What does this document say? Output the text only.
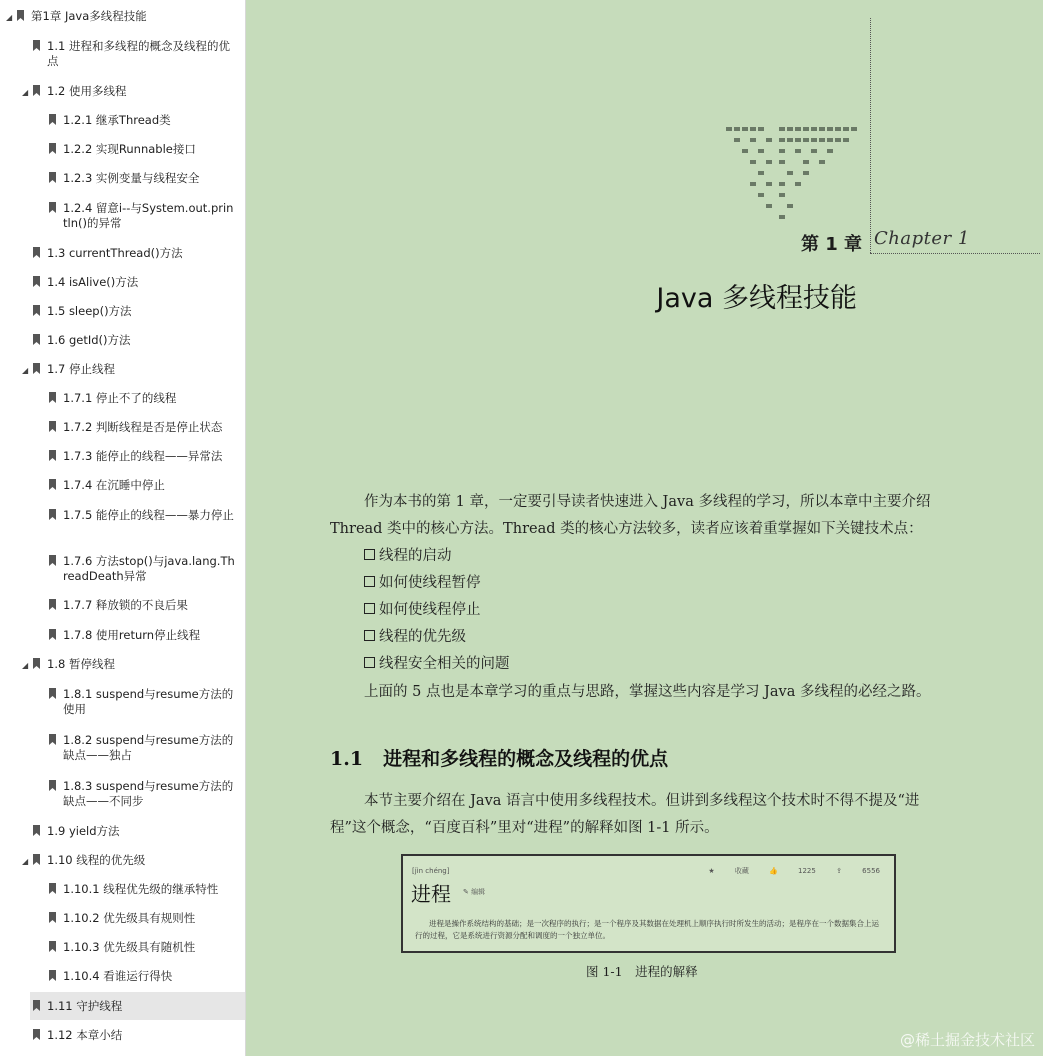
◢ 第1章 Java多线程技能
1.1 进程和多线程的概念及线程的优点
◢ 1.2 使用多线程
1.2.1 继承Thread类
1.2.2 实现Runnable接口
1.2.3 实例变量与线程安全
1.2.4 留意i--与System.out.println()的异常
1.3 currentThread()方法
1.4 isAlive()方法
1.5 sleep()方法
1.6 getId()方法
◢ 1.7 停止线程
1.7.1 停止不了的线程
1.7.2 判断线程是否是停止状态
1.7.3 能停止的线程——异常法
1.7.4 在沉睡中停止
1.7.5 能停止的线程——暴力停止
1.7.6 方法stop()与java.lang.ThreadDeath异常
1.7.7 释放锁的不良后果
1.7.8 使用return停止线程
◢ 1.8 暂停线程
1.8.1 suspend与resume方法的使用
1.8.2 suspend与resume方法的缺点——独占
1.8.3 suspend与resume方法的缺点——不同步
1.9 yield方法
◢ 1.10 线程的优先级
1.10.1 线程优先级的继承特性
1.10.2 优先级具有规则性
1.10.3 优先级具有随机性
1.10.4 看谁运行得快
1.11 守护线程
1.12 本章小结
第 1 章 Chapter 1
Java 多线程技能
作为本书的第 1 章，一定要引导读者快速进入 Java 多线程的学习，所以本章中主要介绍
Thread 类中的核心方法。Thread 类的核心方法较多，读者应该着重掌握如下关键技术点：
线程的启动
如何使线程暂停
如何使线程停止
线程的优先级
线程安全相关的问题
上面的 5 点也是本章学习的重点与思路，掌握这些内容是学习 Java 多线程的必经之路。
1.1 进程和多线程的概念及线程的优点
本节主要介绍在 Java 语言中使用多线程技术。但讲到多线程这个技术时不得不提及“进
程”这个概念，“百度百科”里对“进程”的解释如图 1-1 所示。
[jìn chéng]
进程 ✎ 编辑
★	收藏	👍	1225	⇪	6556
进程是操作系统结构的基础；是一次程序的执行；是一个程序及其数据在处理机上顺序执行时所发生的活动；是程序在一个数据集合上运行的过程，它是系统进行资源分配和调度的一个独立单位。
图 1-1　进程的解释
@稀土掘金技术社区
